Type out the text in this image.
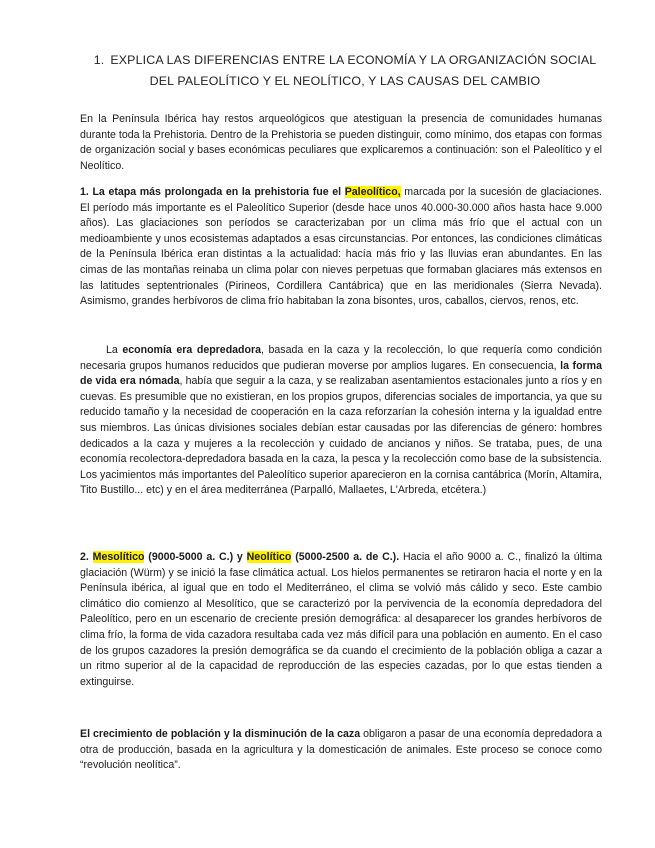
1. EXPLICA LAS DIFERENCIAS ENTRE LA ECONOMÍA Y LA ORGANIZACIÓN SOCIAL
DEL PALEOLÍTICO Y EL NEOLÍTICO, Y LAS CAUSAS DEL CAMBIO
En la Península Ibérica hay restos arqueológicos que atestiguan la presencia de comunidades humanas durante toda la Prehistoria. Dentro de la Prehistoria se pueden distinguir, como mínimo, dos etapas con formas de organización social y bases económicas peculiares que explicaremos a continuación: son el Paleolítico y el Neolítico.
1. La etapa más prolongada en la prehistoria fue el Paleolítico, marcada por la sucesión de glaciaciones. El período más importante es el Paleolítico Superior (desde hace unos 40.000-30.000 años hasta hace 9.000 años). Las glaciaciones son períodos se caracterizaban por un clima más frío que el actual con un medioambiente y unos ecosistemas adaptados a esas circunstancias. Por entonces, las condiciones climáticas de la Península Ibérica eran distintas a la actualidad: hacía más frio y las lluvias eran abundantes. En las cimas de las montañas reinaba un clima polar con nieves perpetuas que formaban glaciares más extensos en las latitudes septentrionales (Pirineos, Cordillera Cantábrica) que en las meridionales (Sierra Nevada). Asimismo, grandes herbívoros de clima frío habitaban la zona bisontes, uros, caballos, ciervos, renos, etc.
La economía era depredadora, basada en la caza y la recolección, lo que requería como condición necesaria grupos humanos reducidos que pudieran moverse por amplios lugares. En consecuencia, la forma de vida era nómada, había que seguir a la caza, y se realizaban asentamientos estacionales junto a ríos y en cuevas. Es presumible que no existieran, en los propios grupos, diferencias sociales de importancia, ya que su reducido tamaño y la necesidad de cooperación en la caza reforzarían la cohesión interna y la igualdad entre sus miembros. Las únicas divisiones sociales debían estar causadas por las diferencias de género: hombres dedicados a la caza y mujeres a la recolección y cuidado de ancianos y niños. Se trataba, pues, de una economía recolectora-depredadora basada en la caza, la pesca y la recolección como base de la subsistencia. Los yacimientos más importantes del Paleolítico superior aparecieron en la cornisa cantábrica (Morín, Altamira, Tito Bustillo... etc) y en el área mediterránea (Parpalló, Mallaetes, L'Arbreda, etcétera.)
2. Mesolítico (9000-5000 a. C.) y Neolítico (5000-2500 a. de C.). Hacia el año 9000 a. C., finalizó la última glaciación (Würm) y se inició la fase climática actual. Los hielos permanentes se retiraron hacia el norte y en la Península ibérica, al igual que en todo el Mediterráneo, el clima se volvió más cálido y seco. Este cambio climático dio comienzo al Mesolítico, que se caracterizó por la pervivencia de la economía depredadora del Paleolítico, pero en un escenario de creciente presión demográfica: al desaparecer los grandes herbívoros de clima frío, la forma de vida cazadora resultaba cada vez más difícil para una población en aumento. En el caso de los grupos cazadores la presión demográfica se da cuando el crecimiento de la población obliga a cazar a un ritmo superior al de la capacidad de reproducción de las especies cazadas, por lo que estas tienden a extinguirse.
El crecimiento de población y la disminución de la caza obligaron a pasar de una economía depredadora a otra de producción, basada en la agricultura y la domesticación de animales. Este proceso se conoce como “revolución neolítica”.
